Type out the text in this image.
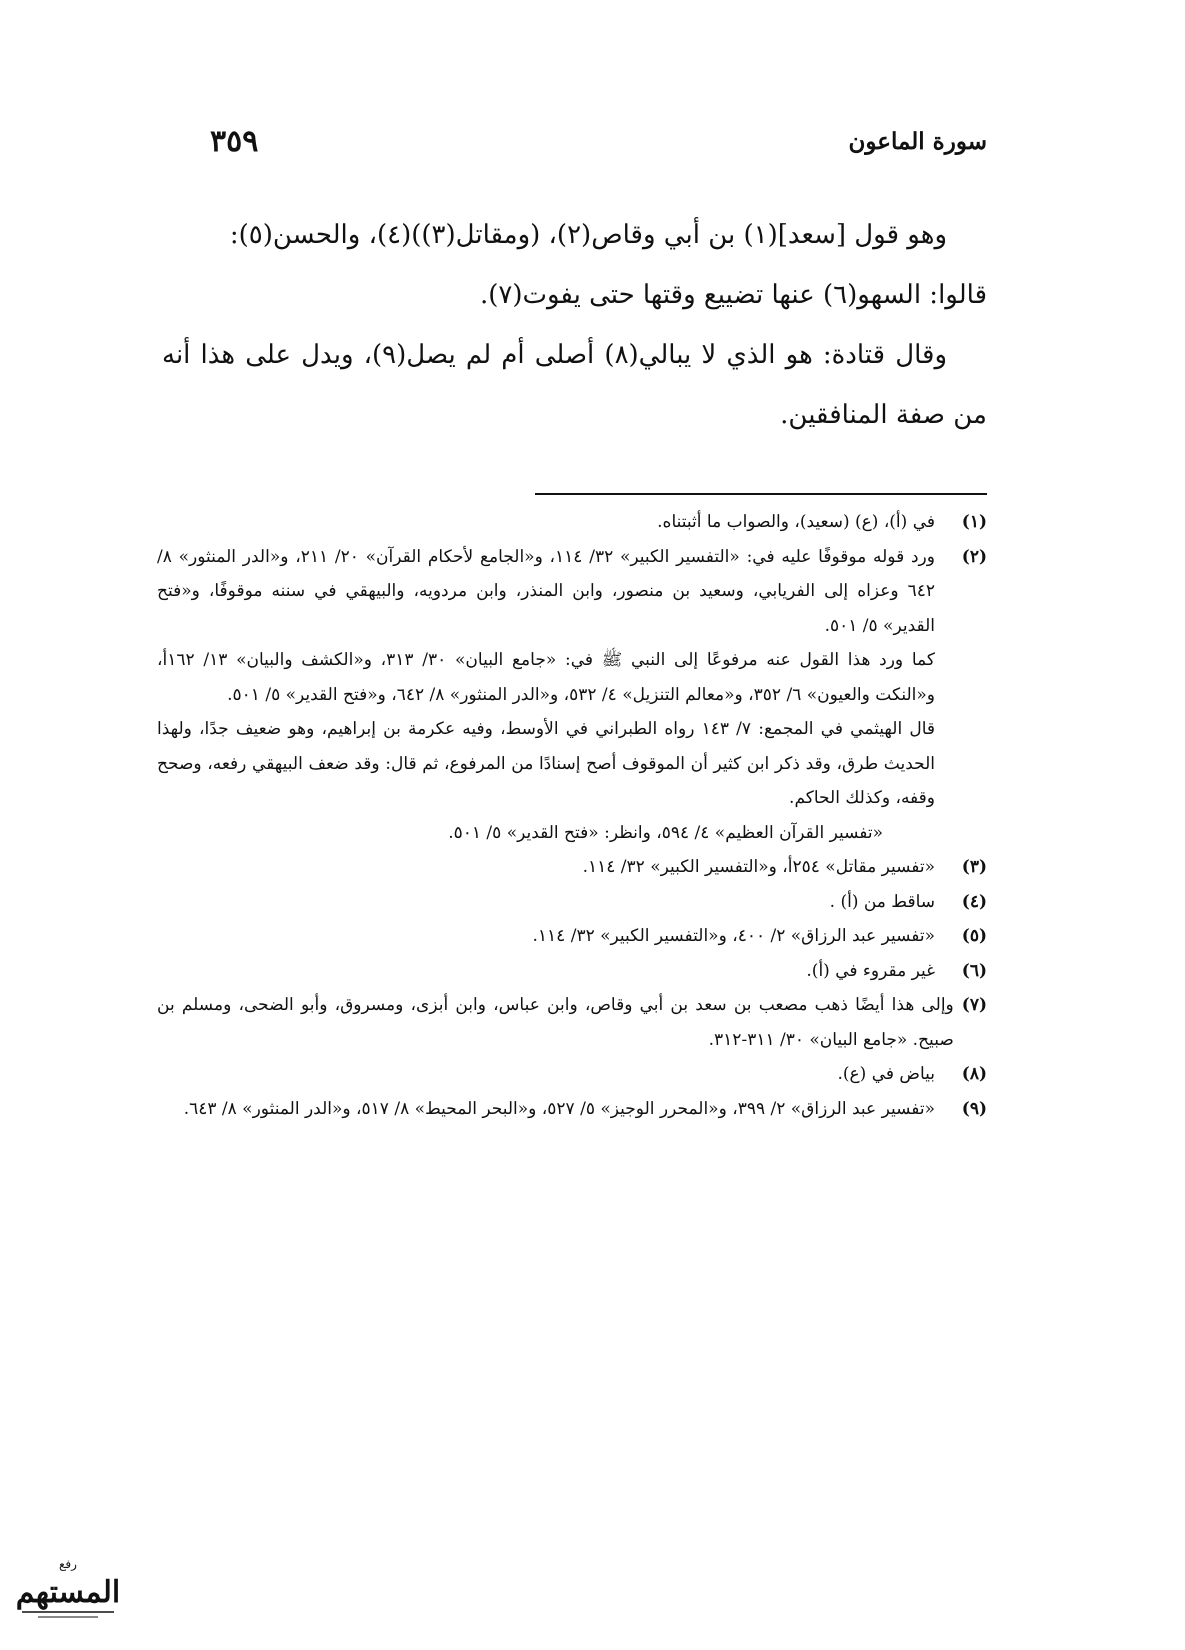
سورة الماعون
٣٥٩

وهو قول [سعد](١) بن أبي وقاص(٢)، (ومقاتل(٣))(٤)، والحسن(٥):

قالوا: السهو(٦) عنها تضييع وقتها حتى يفوت(٧).

وقال قتادة: هو الذي لا يبالي(٨) أصلى أم لم يصل(٩)، ويدل على هذا أنه من صفة المنافقين.

(١)
في (أ)، (ع) (سعيد)، والصواب ما أثبتناه.
(٢)
ورد قوله موقوفًا عليه في: «التفسير الكبير» ٣٢/ ١١٤، و«الجامع لأحكام القرآن» ٢٠/ ٢١١، و«الدر المنثور» ٨/ ٦٤٢ وعزاه إلى الفريابي، وسعيد بن منصور، وابن المنذر، وابن مردويه، والبيهقي في سننه موقوفًا، و«فتح القدير» ٥/ ٥٠١.
كما ورد هذا القول عنه مرفوعًا إلى النبي ﷺ في: «جامع البيان» ٣٠/ ٣١٣، و«الكشف والبيان» ١٣/ ١٦٢أ، و«النكت والعيون» ٦/ ٣٥٢، و«معالم التنزيل» ٤/ ٥٣٢، و«الدر المنثور» ٨/ ٦٤٢، و«فتح القدير» ٥/ ٥٠١.
قال الهيثمي في المجمع: ٧/ ١٤٣ رواه الطبراني في الأوسط، وفيه عكرمة بن إبراهيم، وهو ضعيف جدًا، ولهذا الحديث طرق، وقد ذكر ابن كثير أن الموقوف أصح إسنادًا من المرفوع، ثم قال: وقد ضعف البيهقي رفعه، وصحح وقفه، وكذلك الحاكم.
«تفسير القرآن العظيم» ٤/ ٥٩٤، وانظر: «فتح القدير» ٥/ ٥٠١.
(٣)
«تفسير مقاتل» ٢٥٤أ، و«التفسير الكبير» ٣٢/ ١١٤.
(٤)
ساقط من (أ) .
(٥)
«تفسير عبد الرزاق» ٢/ ٤٠٠، و«التفسير الكبير» ٣٢/ ١١٤.
(٦)
غير مقروء في (أ).
(٧)
وإلى هذا أيضًا ذهب مصعب بن سعد بن أبي وقاص، وابن عباس، وابن أبزى، ومسروق، وأبو الضحى، ومسلم بن صبيح. «جامع البيان» ٣٠/ ٣١١-٣١٢.
(٨)
بياض في (ع).
(٩)
«تفسير عبد الرزاق» ٢/ ٣٩٩، و«المحرر الوجيز» ٥/ ٥٢٧، و«البحر المحيط» ٨/ ٥١٧، و«الدر المنثور» ٨/ ٦٤٣.
رفع
المستهم
